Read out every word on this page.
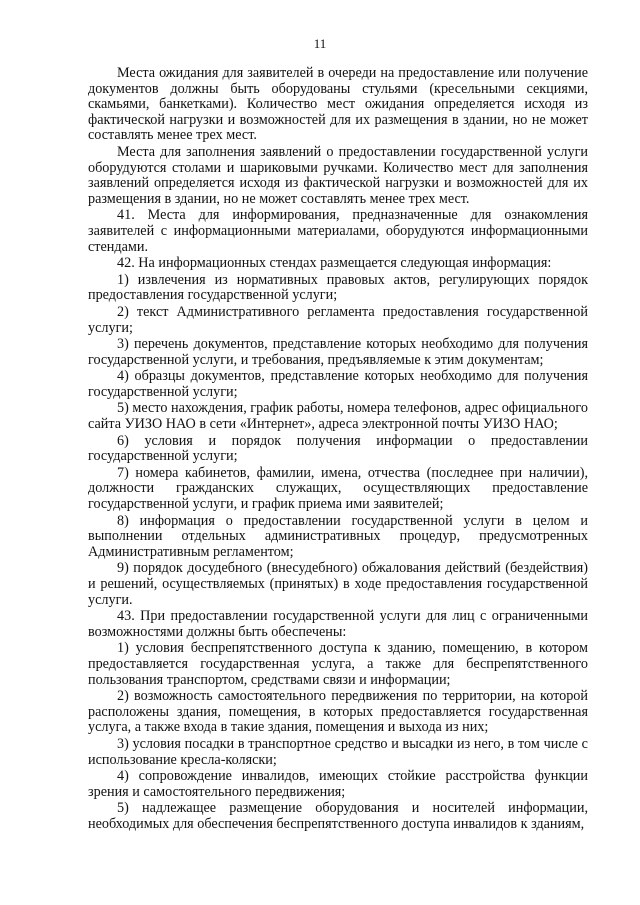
11

Места ожидания для заявителей в очереди на предоставление или получение документов должны быть оборудованы стульями (кресельными секциями, скамьями, банкетками). Количество мест ожидания определяется исходя из фактической нагрузки и возможностей для их размещения в здании, но не может составлять менее трех мест.

Места для заполнения заявлений о предоставлении государственной услуги оборудуются столами и шариковыми ручками. Количество мест для заполнения заявлений определяется исходя из фактической нагрузки и возможностей для их размещения в здании, но не может составлять менее трех мест.

41. Места для информирования, предназначенные для ознакомления заявителей с информационными материалами, оборудуются информационными стендами.

42. На информационных стендах размещается следующая информация:

1) извлечения из нормативных правовых актов, регулирующих порядок предоставления государственной услуги;

2) текст Административного регламента предоставления государственной услуги;

3) перечень документов, представление которых необходимо для получения государственной услуги, и требования, предъявляемые к этим документам;

4) образцы документов, представление которых необходимо для получения государственной услуги;

5) место нахождения, график работы, номера телефонов, адрес официального сайта УИЗО НАО в сети «Интернет», адреса электронной почты УИЗО НАО;

6) условия и порядок получения информации о предоставлении государственной услуги;

7) номера кабинетов, фамилии, имена, отчества (последнее при наличии), должности гражданских служащих, осуществляющих предоставление государственной услуги, и график приема ими заявителей;

8) информация о предоставлении государственной услуги в целом и выполнении отдельных административных процедур, предусмотренных Административным регламентом;

9) порядок досудебного (внесудебного) обжалования действий (бездействия) и решений, осуществляемых (принятых) в ходе предоставления государственной услуги.

43. При предоставлении государственной услуги для лиц с ограниченными возможностями должны быть обеспечены:

1) условия беспрепятственного доступа к зданию, помещению, в котором предоставляется государственная услуга, а также для беспрепятственного пользования транспортом, средствами связи и информации;

2) возможность самостоятельного передвижения по территории, на которой расположены здания, помещения, в которых предоставляется государственная услуга, а также входа в такие здания, помещения и выхода из них;

3) условия посадки в транспортное средство и высадки из него, в том числе с использование кресла-коляски;

4) сопровождение инвалидов, имеющих стойкие расстройства функции зрения и самостоятельного передвижения;

5) надлежащее размещение оборудования и носителей информации, необходимых для обеспечения беспрепятственного доступа инвалидов к зданиям,
